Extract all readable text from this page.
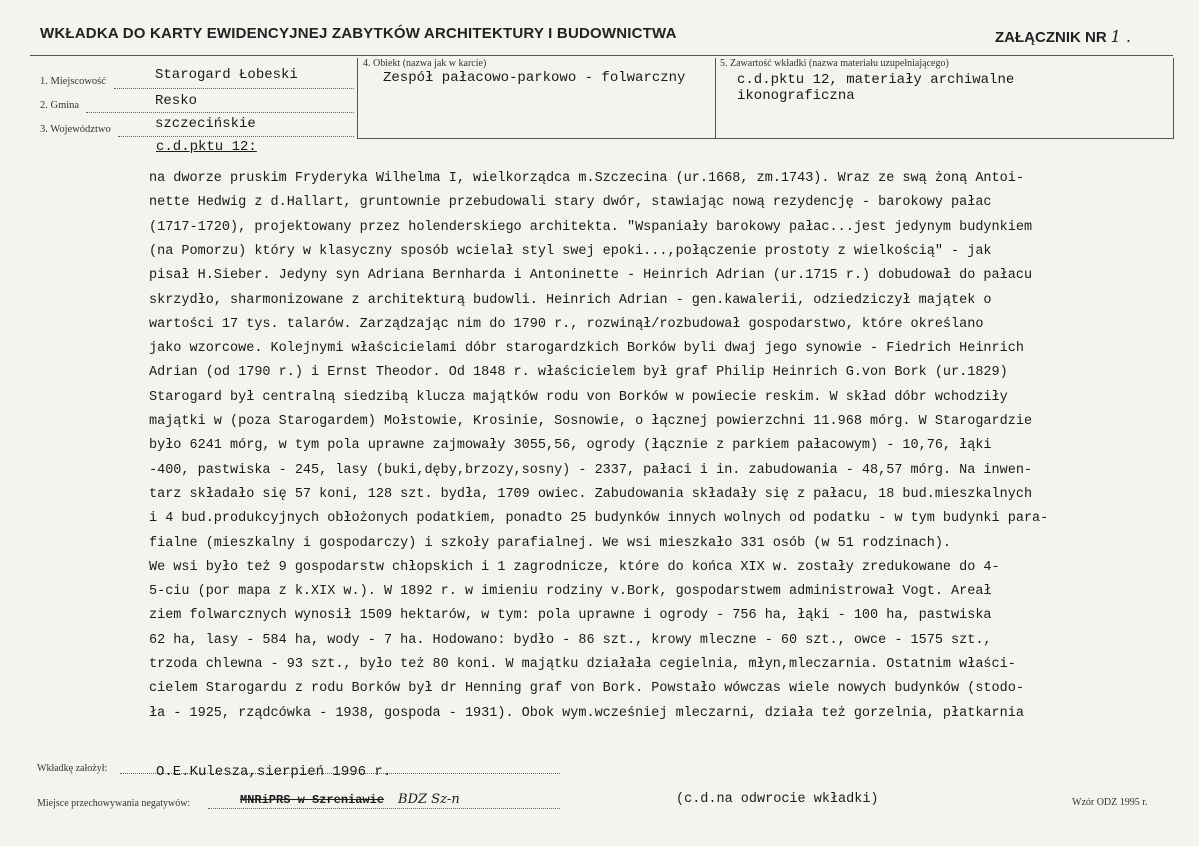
WKŁADKA DO KARTY EWIDENCYJNEJ ZABYTKÓW ARCHITEKTURY I BUDOWNICTWA	ZAŁĄCZNIK NR 1 .
4. Obiekt (nazwa jak w karcie)
Zespół pałacowo-parkowo - folwarczny
5. Zawartość wkładki (nazwa materiału uzupełniającego)
c.d.pktu 12, materiały archiwalne
ikonograficzna
1. Miejscowość	Starogard Łobeski
2. Gmina	Resko
3. Województwo	szczecińskie
c.d.pktu 12:
na dworze pruskim Fryderyka Wilhelma I, wielkorządca m.Szczecina (ur.1668, zm.1743). Wraz ze swą żoną Antoi-
nette Hedwig z d.Hallart, gruntownie przebudowali stary dwór, stawiając nową rezydencję - barokowy pałac
(1717-1720), projektowany przez holenderskiego architekta. "Wspaniały barokowy pałac...jest jedynym budynkiem
(na Pomorzu) który w klasyczny sposób wcielał styl swej epoki...,połączenie prostoty z wielkością" - jak
pisał H.Sieber. Jedyny syn Adriana Bernharda i Antoninette - Heinrich Adrian (ur.1715 r.) dobudował do pałacu
skrzydło, sharmonizowane z architekturą budowli. Heinrich Adrian - gen.kawalerii, odziedziczył majątek o
wartości 17 tys. talarów. Zarządzając nim do 1790 r., rozwinął/rozbudował gospodarstwo, które określano
jako wzorcowe. Kolejnymi właścicielami dóbr starogardzkich Borków byli dwaj jego synowie - Fiedrich Heinrich
Adrian (od 1790 r.) i Ernst Theodor. Od 1848 r. właścicielem był graf Philip Heinrich G.von Bork (ur.1829)
Starogard był centralną siedzibą klucza majątków rodu von Borków w powiecie reskim. W skład dóbr wchodziły
majątki w (poza Starogardem) Mołstowie, Krosinie, Sosnowie, o łącznej powierzchni 11.968 mórg. W Starogardzie
było 6241 mórg, w tym pola uprawne zajmowały 3055,56, ogrody (łącznie z parkiem pałacowym) - 10,76, łąki
-400, pastwiska - 245, lasy (buki,dęby,brzozy,sosny) - 2337, pałaci i in. zabudowania - 48,57 mórg. Na inwen-
tarz składało się 57 koni, 128 szt. bydła, 1709 owiec. Zabudowania składały się z pałacu, 18 bud.mieszkalnych
i 4 bud.produkcyjnych obłożonych podatkiem, ponadto 25 budynków innych wolnych od podatku - w tym budynki para-
fialne (mieszkalny i gospodarczy) i szkoły parafialnej. We wsi mieszkało 331 osób (w 51 rodzinach).
We wsi było też 9 gospodarstw chłopskich i 1 zagrodnicze, które do końca XIX w. zostały zredukowane do 4-
5-ciu (por mapa z k.XIX w.). W 1892 r. w imieniu rodziny v.Bork, gospodarstwem administrował Vogt. Areał
ziem folwarcznych wynosił 1509 hektarów, w tym: pola uprawne i ogrody - 756 ha, łąki - 100 ha, pastwiska
62 ha, lasy - 584 ha, wody - 7 ha. Hodowano: bydło - 86 szt., krowy mleczne - 60 szt., owce - 1575 szt.,
trzoda chlewna - 93 szt., było też 80 koni. W majątku działała cegielnia, młyn,mleczarnia. Ostatnim właści-
cielem Starogardu z rodu Borków był dr Henning graf von Bork. Powstało wówczas wiele nowych budynków (stodo-
ła - 1925, rządcówka - 1938, gospoda - 1931). Obok wym.wcześniej mleczarni, działa też gorzelnia, płatkarnia
Wkładkę założył:	O.E.Kulesza,sierpień 1996 r.
Miejsce przechowywania negatywów:	MNRiPRS w Szreniawie BDZ Sz-n	(c.d.na odwrocie wkładki)	Wzór ODZ 1995 r.
